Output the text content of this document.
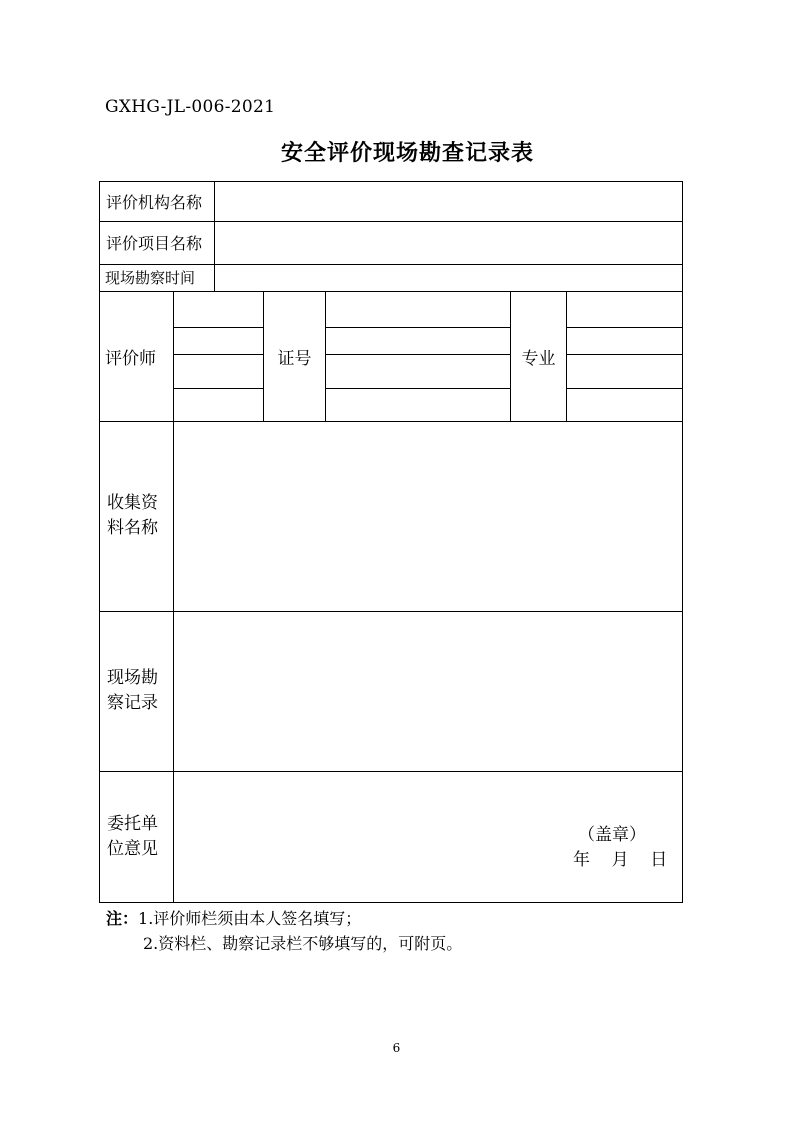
GXHG-JL-006-2021
安全评价现场勘查记录表
评价机构名称
评价项目名称
现场勘察时间
评价师	证号	专业
收集资
料名称
现场勘
察记录
委托单
位意见
（盖章）
年    月    日
注：1.评价师栏须由本人签名填写；
2.资料栏、勘察记录栏不够填写的，可附页。
6
